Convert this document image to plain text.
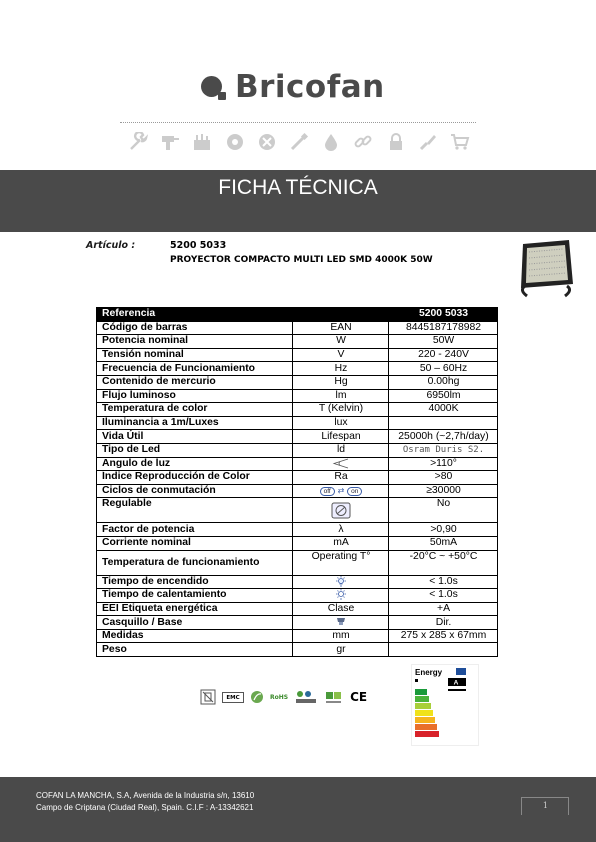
Bricofan
FICHA TÉCNICA
Artículo :	5200 5033
PROYECTOR COMPACTO MULTI LED SMD 4000K 50W
Referencia		5200 5033
Código de barras	EAN	8445187178982
Potencia nominal	W	50W
Tensión nominal	V	220 - 240V
Frecuencia de Funcionamiento	Hz	50 – 60Hz
Contenido de mercurio	Hg	0.00hg
Flujo luminoso	lm	6950lm
Temperatura de color	T (Kelvin)	4000K
Iluminancia a 1m/Luxes	lux	
Vida Útil	Lifespan	25000h (~2,7h/day)
Tipo de Led	ld	Osram Duris S2.
Angulo de luz		>110°
Índice Reproducción de Color	Ra	>80
Ciclos de conmutación	off ⇄ on	≥30000
Regulable		No
Factor de potencia	λ	>0,90
Corriente nominal	mA	50mA
Temperatura de funcionamiento	Operating T°	-20°C ~ +50°C
Tiempo de encendido		< 1.0s
Tiempo de calentamiento		< 1.0s
EEI Etiqueta energética	Clase	+A
Casquillo / Base		Dir.
Medidas	mm	275 x 285 x 67mm
Peso	gr	
EMC	RoHS	CE
Energy
A
COFAN LA MANCHA, S.A, Avenida de la Industria s/n, 13610
Campo de Criptana (Ciudad Real), Spain. C.I.F : A-13342621	1
